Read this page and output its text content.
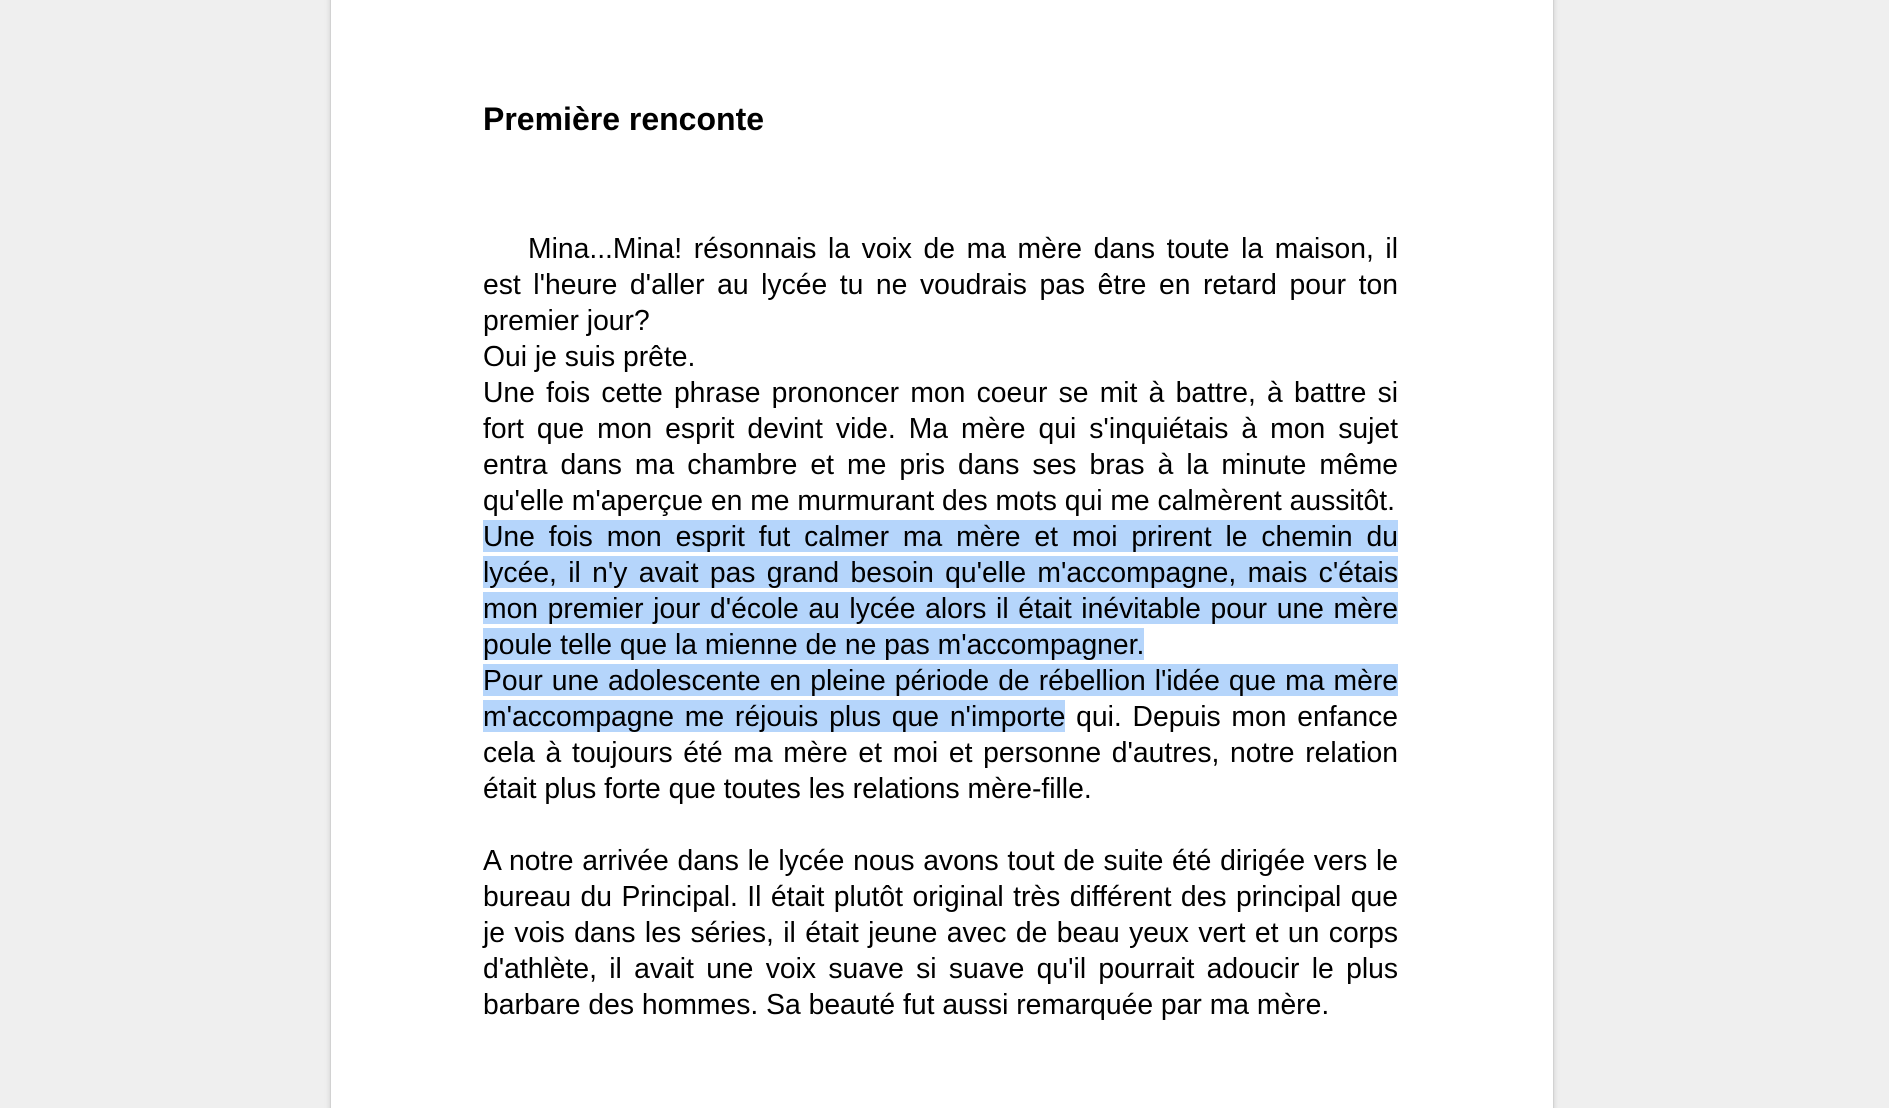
Première renconte

Mina...Mina! résonnais la voix de ma mère dans toute la maison, il est l'heure d'aller au lycée tu ne voudrais pas être en retard pour ton premier jour?

Oui je suis prête.

Une fois cette phrase prononcer mon coeur se mit à battre, à battre si fort que mon esprit devint vide. Ma mère qui s'inquiétais à mon sujet entra dans ma chambre et me pris dans ses bras à la minute même qu'elle m'aperçue en me murmurant des mots qui me calmèrent aussitôt.

Une fois mon esprit fut calmer ma mère et moi prirent le chemin du lycée, il n'y avait pas grand besoin qu'elle m'accompagne, mais c'étais mon premier jour d'école au lycée alors il était inévitable pour une mère poule telle que la mienne de ne pas m'accompagner.

Pour une adolescente en pleine période de rébellion l'idée que ma mère m'accompagne me réjouis plus que n'importe qui. Depuis mon enfance cela à toujours été ma mère et moi et personne d'autres, notre relation était plus forte que toutes les relations mère-fille.

A notre arrivée dans le lycée nous avons tout de suite été dirigée vers le bureau du Principal. Il était plutôt original très différent des principal que je vois dans les séries, il était jeune avec de beau yeux vert et un corps d'athlète, il avait une voix suave si suave qu'il pourrait adoucir le plus barbare des hommes. Sa beauté fut aussi remarquée par ma mère.
